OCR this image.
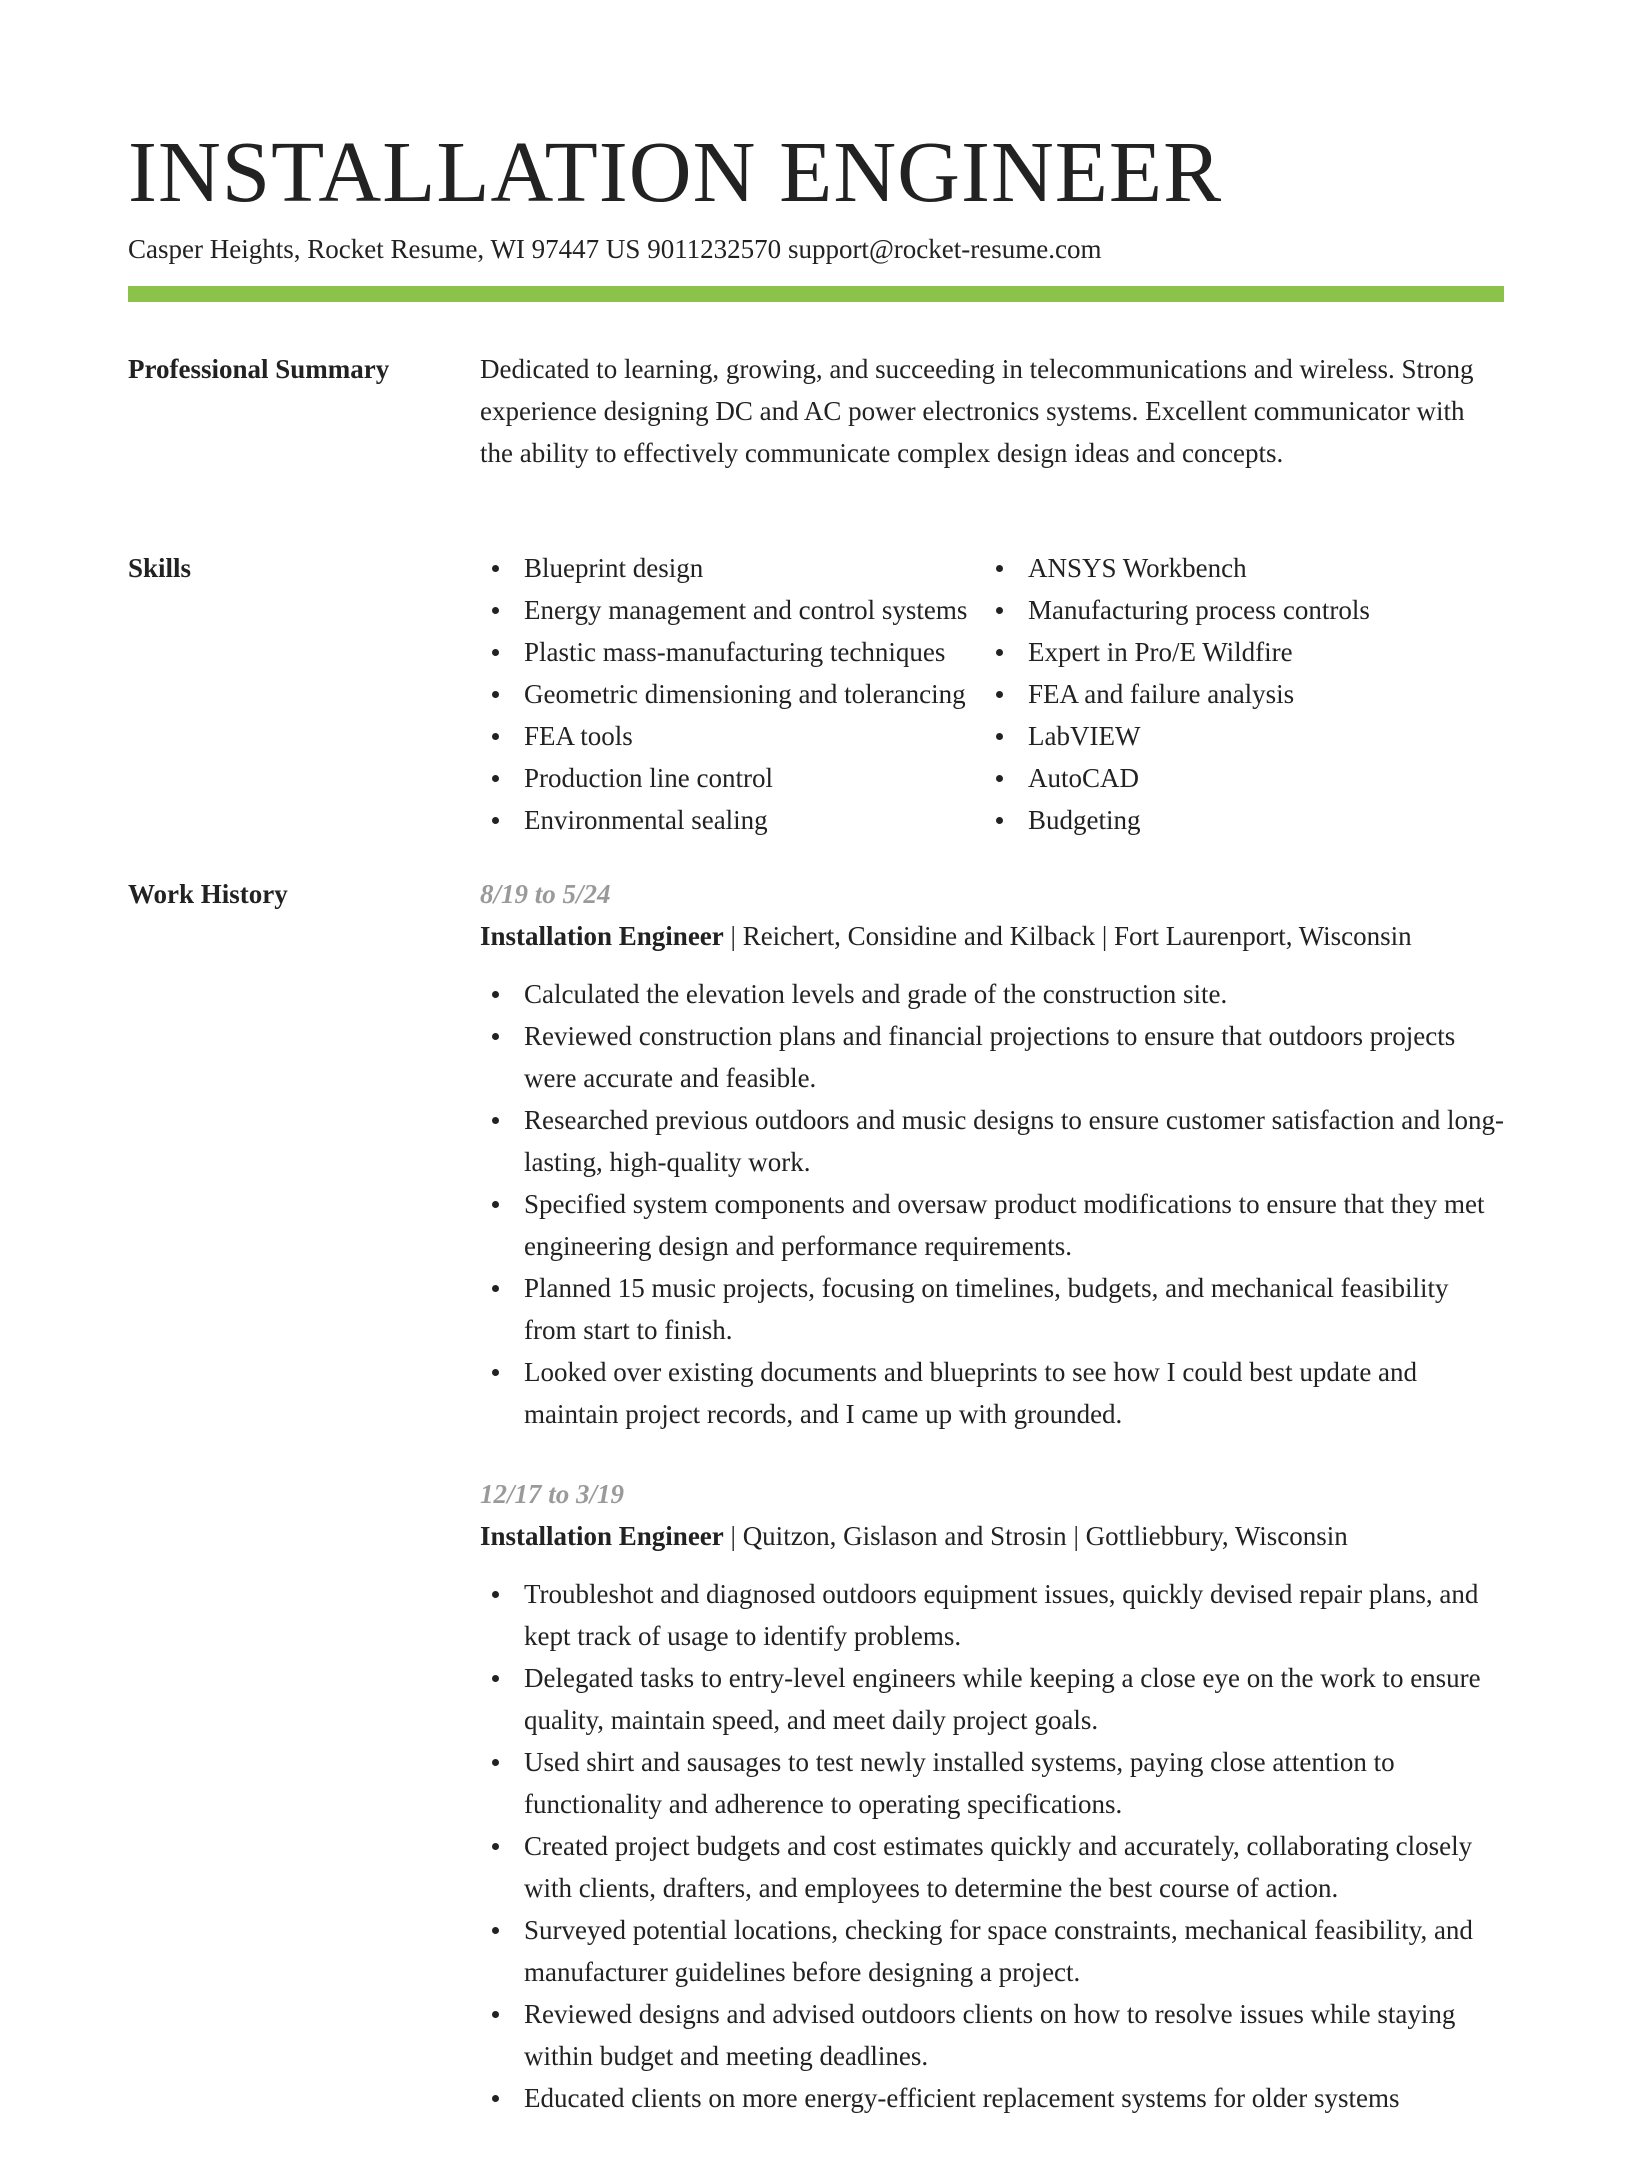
INSTALLATION ENGINEER
Casper Heights, Rocket Resume, WI 97447 US 9011232570 support@rocket-resume.com
Professional Summary	Dedicated to learning, growing, and succeeding in telecommunications and wireless. Strong experience designing DC and AC power electronics systems. Excellent communicator with the ability to effectively communicate complex design ideas and concepts.

Skills	Blueprint design
Energy management and control systems
Plastic mass-manufacturing techniques
Geometric dimensioning and tolerancing
FEA tools
Production line control
Environmental sealing
ANSYS Workbench
Manufacturing process controls
Expert in Pro/E Wildfire
FEA and failure analysis
LabVIEW
AutoCAD
Budgeting
Work History	8/19 to 5/24
Installation Engineer | Reichert, Considine and Kilback | Fort Laurenport, Wisconsin
Calculated the elevation levels and grade of the construction site.
Reviewed construction plans and financial projections to ensure that outdoors projects were accurate and feasible.
Researched previous outdoors and music designs to ensure customer satisfaction and long-lasting, high-quality work.
Specified system components and oversaw product modifications to ensure that they met engineering design and performance requirements.
Planned 15 music projects, focusing on timelines, budgets, and mechanical feasibility from start to finish.
Looked over existing documents and blueprints to see how I could best update and maintain project records, and I came up with grounded.
12/17 to 3/19
Installation Engineer | Quitzon, Gislason and Strosin | Gottliebbury, Wisconsin
Troubleshot and diagnosed outdoors equipment issues, quickly devised repair plans, and kept track of usage to identify problems.
Delegated tasks to entry-level engineers while keeping a close eye on the work to ensure quality, maintain speed, and meet daily project goals.
Used shirt and sausages to test newly installed systems, paying close attention to functionality and adherence to operating specifications.
Created project budgets and cost estimates quickly and accurately, collaborating closely with clients, drafters, and employees to determine the best course of action.
Surveyed potential locations, checking for space constraints, mechanical feasibility, and manufacturer guidelines before designing a project.
Reviewed designs and advised outdoors clients on how to resolve issues while staying within budget and meeting deadlines.
Educated clients on more energy-efficient replacement systems for older systems
